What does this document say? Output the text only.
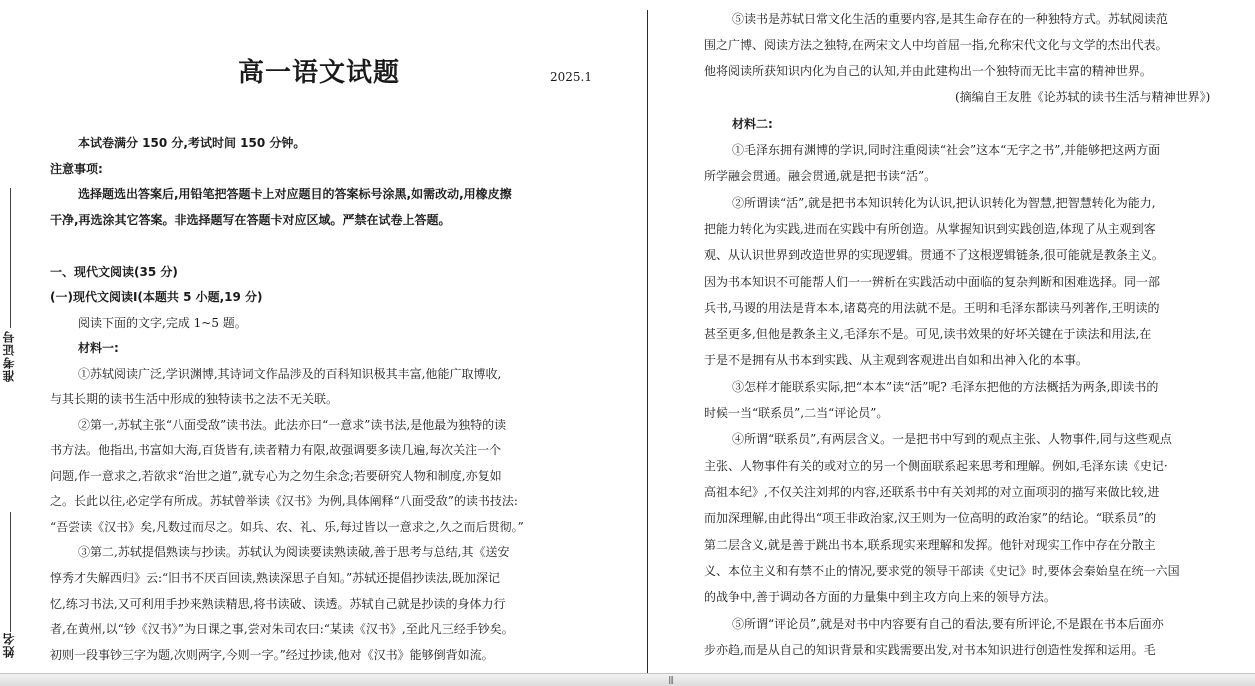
准考证号
姓名
高一语文试题	2025.1
本试卷满分 150 分,考试时间 150 分钟。
注意事项:
选择题选出答案后,用铅笔把答题卡上对应题目的答案标号涂黑,如需改动,用橡皮擦
干净,再选涂其它答案。非选择题写在答题卡对应区域。严禁在试卷上答题。
一、现代文阅读(35 分)
(一)现代文阅读Ⅰ(本题共 5 小题,19 分)
阅读下面的文字,完成 1~5 题。
材料一:
①苏轼阅读广泛,学识渊博,其诗词文作品涉及的百科知识极其丰富,他能广取博收,
与其长期的读书生活中形成的独特读书之法不无关联。
②第一,苏轼主张“八面受敌”读书法。此法亦曰“一意求”读书法,是他最为独特的读
书方法。他指出,书富如大海,百货皆有,读者精力有限,故强调要多读几遍,每次关注一个
问题,作一意求之,若欲求“治世之道”,就专心为之勿生余念;若要研究人物和制度,亦复如
之。长此以往,必定学有所成。苏轼曾举读《汉书》为例,具体阐释“八面受敌”的读书技法:
“吾尝读《汉书》矣,凡数过而尽之。如兵、农、礼、乐,每过皆以一意求之,久之而后贯彻。”
③第二,苏轼提倡熟读与抄读。苏轼认为阅读要读熟读破,善于思考与总结,其《送安
惇秀才失解西归》云:“旧书不厌百回读,熟读深思子自知。”苏轼还提倡抄读法,既加深记
忆,练习书法,又可利用手抄来熟读精思,将书读破、读透。苏轼自己就是抄读的身体力行
者,在黄州,以“钞《汉书》”为日课之事,尝对朱司农曰:“某读《汉书》,至此凡三经手钞矣。
初则一段事钞三字为题,次则两字,今则一字。”经过抄读,他对《汉书》能够倒背如流。
⑤读书是苏轼日常文化生活的重要内容,是其生命存在的一种独特方式。苏轼阅读范
围之广博、阅读方法之独特,在两宋文人中均首屈一指,允称宋代文化与文学的杰出代表。
他将阅读所获知识内化为自己的认知,并由此建构出一个独特而无比丰富的精神世界。
(摘编自王友胜《论苏轼的读书生活与精神世界》)
材料二:
①毛泽东拥有渊博的学识,同时注重阅读“社会”这本“无字之书”,并能够把这两方面
所学融会贯通。融会贯通,就是把书读“活”。
②所谓读“活”,就是把书本知识转化为认识,把认识转化为智慧,把智慧转化为能力,
把能力转化为实践,进而在实践中有所创造。从掌握知识到实践创造,体现了从主观到客
观、从认识世界到改造世界的实现逻辑。贯通不了这根逻辑链条,很可能就是教条主义。
因为书本知识不可能帮人们一一辨析在实践活动中面临的复杂判断和困难选择。同一部
兵书,马谡的用法是背本本,诸葛亮的用法就不是。王明和毛泽东都读马列著作,王明读的
甚至更多,但他是教条主义,毛泽东不是。可见,读书效果的好坏关键在于读法和用法,在
于是不是拥有从书本到实践、从主观到客观进出自如和出神入化的本事。
③怎样才能联系实际,把“本本”读“活”呢? 毛泽东把他的方法概括为两条,即读书的
时候一当“联系员”,二当“评论员”。
④所谓“联系员”,有两层含义。一是把书中写到的观点主张、人物事件,同与这些观点
主张、人物事件有关的或对立的另一个侧面联系起来思考和理解。例如,毛泽东读《史记·
高祖本纪》,不仅关注刘邦的内容,还联系书中有关刘邦的对立面项羽的描写来做比较,进
而加深理解,由此得出“项王非政治家,汉王则为一位高明的政治家”的结论。“联系员”的
第二层含义,就是善于跳出书本,联系现实来理解和发挥。他针对现实工作中存在分散主
义、本位主义和有禁不止的情况,要求党的领导干部读《史记》时,要体会秦始皇在统一六国
的战争中,善于调动各方面的力量集中到主攻方向上来的领导方法。
⑤所谓“评论员”,就是对书中内容要有自己的看法,要有所评论,不是跟在书本后面亦
步亦趋,而是从自己的知识背景和实践需要出发,对书本知识进行创造性发挥和运用。毛
|||
